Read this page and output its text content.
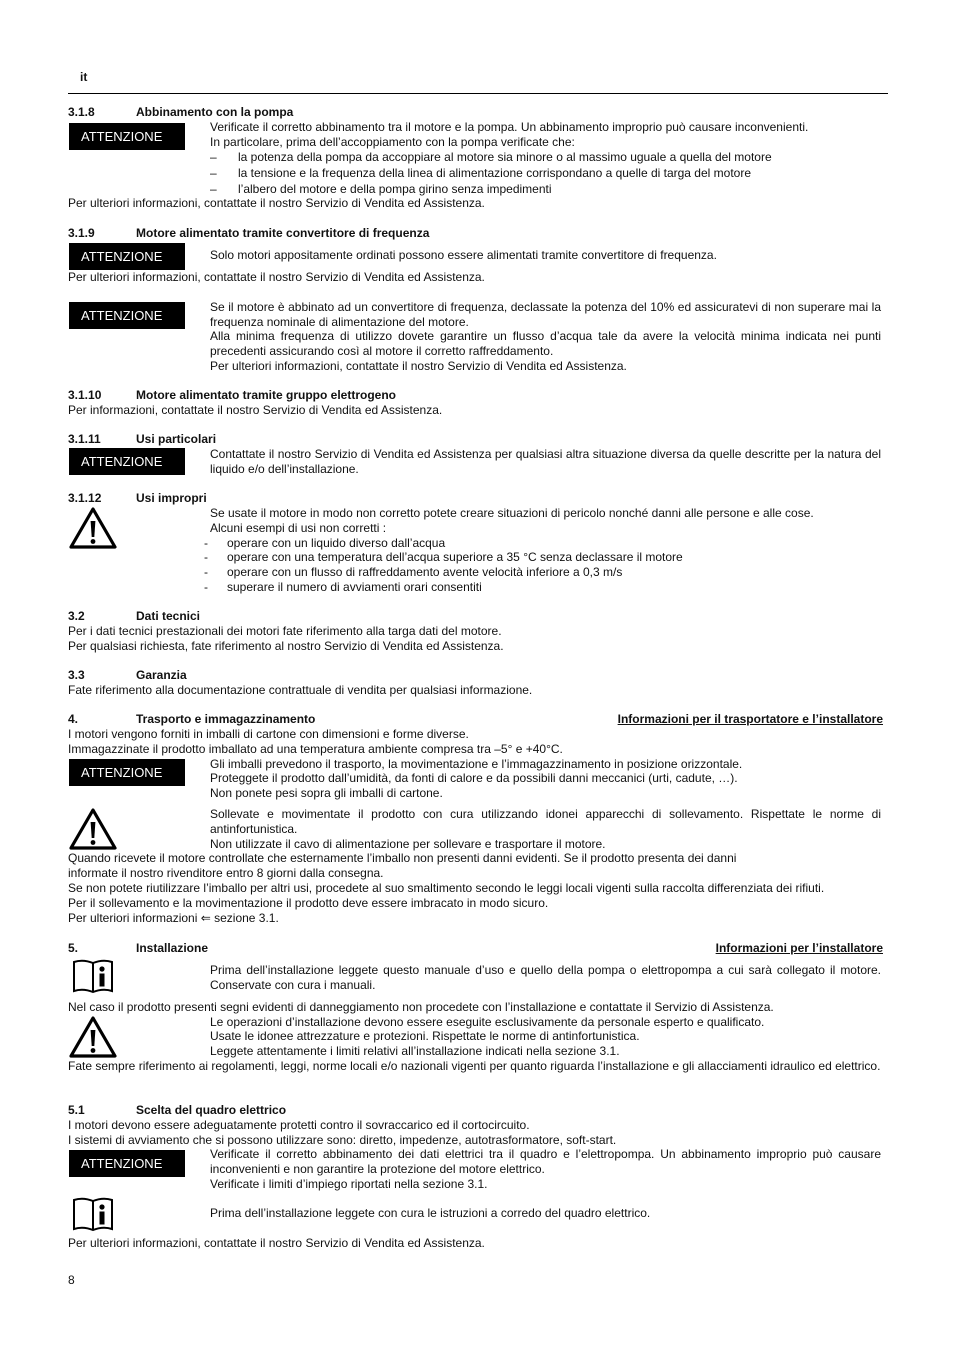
it
3.1.8	Abbinamento con la pompa
ATTENZIONE
Verificate il corretto abbinamento tra il motore e la pompa. Un abbinamento improprio può causare inconvenienti.
In particolare, prima dell’accoppiamento con la pompa verificate che:
– la potenza della pompa da accoppiare al motore sia minore o al massimo uguale a quella del motore
– la tensione e la frequenza della linea di alimentazione corrispondano a quelle di targa del motore
– l’albero del motore e della pompa girino senza impedimenti
Per ulteriori informazioni, contattate il nostro Servizio di Vendita ed Assistenza.
3.1.9	Motore alimentato tramite convertitore di frequenza
ATTENZIONE	Solo motori appositamente ordinati possono essere alimentati tramite convertitore di frequenza.
Per ulteriori informazioni, contattate il nostro Servizio di Vendita ed Assistenza.
ATTENZIONE
Se il motore è abbinato ad un convertitore di frequenza, declassate la potenza del 10% ed assicuratevi di non superare mai la frequenza nominale di alimentazione del motore.
Alla minima frequenza di utilizzo dovete garantire un flusso d’acqua tale da avere la velocità minima indicata nei punti precedenti assicurando così al motore il corretto raffreddamento.
Per ulteriori informazioni, contattate il nostro Servizio di Vendita ed Assistenza.
3.1.10	Motore alimentato tramite gruppo elettrogeno
Per informazioni, contattate il nostro Servizio di Vendita ed Assistenza.
3.1.11	Usi particolari
ATTENZIONE	Contattate il nostro Servizio di Vendita ed Assistenza per qualsiasi altra situazione diversa da quelle descritte per la natura del liquido e/o dell’installazione.
3.1.12	Usi impropri
Se usate il motore in modo non corretto potete creare situazioni di pericolo nonché danni alle persone e alle cose.
Alcuni esempi di usi non corretti :
- operare con un liquido diverso dall’acqua
- operare con una temperatura dell’acqua superiore a 35 °C senza declassare il motore
- operare con un flusso di raffreddamento avente velocità inferiore a 0,3 m/s
- superare il numero di avviamenti orari consentiti
3.2	Dati tecnici
Per i dati tecnici prestazionali dei motori fate riferimento alla targa dati del motore.
Per qualsiasi richiesta, fate riferimento al nostro Servizio di Vendita ed Assistenza.
3.3	Garanzia
Fate riferimento alla documentazione contrattuale di vendita per qualsiasi informazione.
4.	Trasporto e immagazzinamento	Informazioni per il trasportatore e l’installatore
I motori vengono forniti in imballi di cartone con dimensioni e forme diverse.
Immagazzinate il prodotto imballato ad una temperatura ambiente compresa tra –5° e +40°C.
ATTENZIONE
Gli imballi prevedono il trasporto, la movimentazione e l’immagazzinamento in posizione orizzontale.
Proteggete il prodotto dall’umidità, da fonti di calore e da possibili danni meccanici (urti, cadute, …).
Non ponete pesi sopra gli imballi di cartone.
Sollevate e movimentate il prodotto con cura utilizzando idonei apparecchi di sollevamento. Rispettate le norme di antinfortunistica.
Non utilizzate il cavo di alimentazione per sollevare e trasportare il motore.
Quando ricevete il motore controllate che esternamente l’imballo non presenti danni evidenti. Se il prodotto presenta dei danni
informate il nostro rivenditore entro 8 giorni dalla consegna.
Se non potete riutilizzare l’imballo per altri usi, procedete al suo smaltimento secondo le leggi locali vigenti sulla raccolta differenziata dei rifiuti.
Per il sollevamento e la movimentazione il prodotto deve essere imbracato in modo sicuro.
Per ulteriori informazioni ⇐ sezione 3.1.
5.	Installazione	Informazioni per l’installatore
Prima dell’installazione leggete questo manuale d’uso e quello della pompa o elettropompa a cui sarà collegato il motore. Conservate con cura i manuali.
Nel caso il prodotto presenti segni evidenti di danneggiamento non procedete con l’installazione e contattate il Servizio di Assistenza.
Le operazioni d’installazione devono essere eseguite esclusivamente da personale esperto e qualificato.
Usate le idonee attrezzature e protezioni. Rispettate le norme di antinfortunistica.
Leggete attentamente i limiti relativi all’installazione indicati nella sezione 3.1.
Fate sempre riferimento ai regolamenti, leggi, norme locali e/o nazionali vigenti per quanto riguarda l’installazione e gli allacciamenti idraulico ed elettrico.
5.1	Scelta del quadro elettrico
I motori devono essere adeguatamente protetti contro il sovraccarico ed il cortocircuito.
I sistemi di avviamento che si possono utilizzare sono: diretto, impedenze, autotrasformatore, soft-start.
ATTENZIONE
Verificate il corretto abbinamento dei dati elettrici tra il quadro e l’elettropompa. Un abbinamento improprio può causare inconvenienti e non garantire la protezione del motore elettrico.
Verificate i limiti d’impiego riportati nella sezione 3.1.
Prima dell’installazione leggete con cura le istruzioni a corredo del quadro elettrico.
Per ulteriori informazioni, contattate il nostro Servizio di Vendita ed Assistenza.
8
